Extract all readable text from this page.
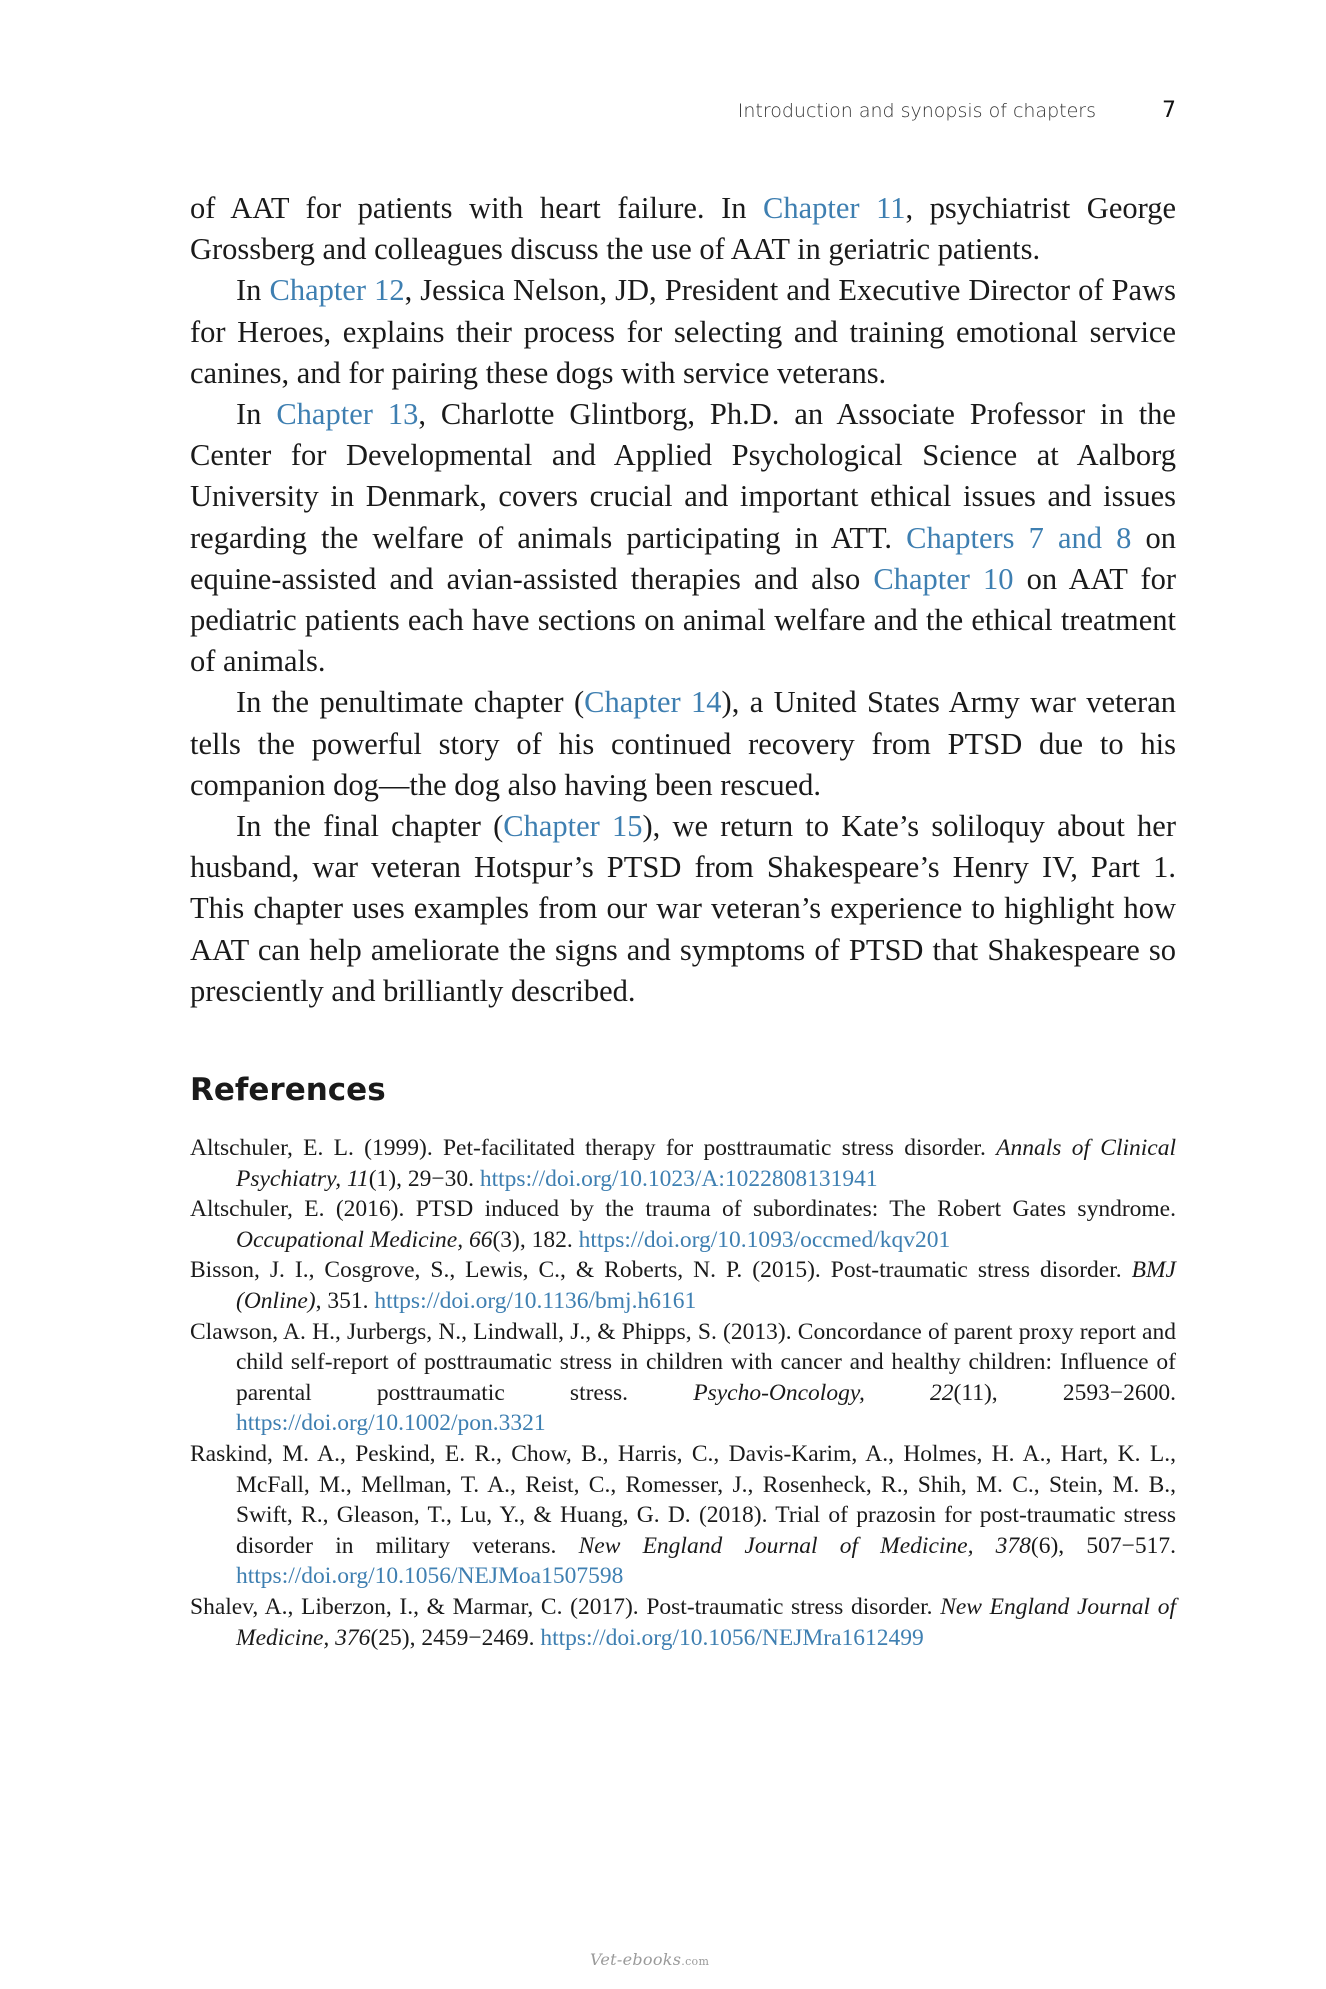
Introduction and synopsis of chapters	7

of AAT for patients with heart failure. In Chapter 11, psychiatrist George Grossberg and colleagues discuss the use of AAT in geriatric patients.

In Chapter 12, Jessica Nelson, JD, President and Executive Director of Paws for Heroes, explains their process for selecting and training emotional service canines, and for pairing these dogs with service veterans.

In Chapter 13, Charlotte Glintborg, Ph.D. an Associate Professor in the Center for Developmental and Applied Psychological Science at Aalborg University in Denmark, covers crucial and important ethical issues and issues regarding the welfare of animals participating in ATT. Chapters 7 and 8 on equine-assisted and avian-assisted therapies and also Chapter 10 on AAT for pediatric patients each have sections on animal welfare and the ethical treatment of animals.

In the penultimate chapter (Chapter 14), a United States Army war veteran tells the powerful story of his continued recovery from PTSD due to his companion dog—the dog also having been rescued.

In the final chapter (Chapter 15), we return to Kate’s soliloquy about her husband, war veteran Hotspur’s PTSD from Shakespeare’s Henry IV, Part 1. This chapter uses examples from our war veteran’s experience to highlight how AAT can help ameliorate the signs and symptoms of PTSD that Shakespeare so presciently and brilliantly described.

References
Altschuler, E. L. (1999). Pet-facilitated therapy for posttraumatic stress disorder. Annals of Clinical Psychiatry, 11(1), 29−30. https://doi.org/10.1023/A:1022808131941
Altschuler, E. (2016). PTSD induced by the trauma of subordinates: The Robert Gates syndrome. Occupational Medicine, 66(3), 182. https://doi.org/10.1093/occmed/kqv201
Bisson, J. I., Cosgrove, S., Lewis, C., & Roberts, N. P. (2015). Post-traumatic stress disorder. BMJ (Online), 351. https://doi.org/10.1136/bmj.h6161
Clawson, A. H., Jurbergs, N., Lindwall, J., & Phipps, S. (2013). Concordance of parent proxy report and child self-report of posttraumatic stress in children with cancer and healthy children: Influence of parental posttraumatic stress. Psycho-Oncology, 22(11), 2593−2600. https://doi.org/10.1002/pon.3321
Raskind, M. A., Peskind, E. R., Chow, B., Harris, C., Davis-Karim, A., Holmes, H. A., Hart, K. L., McFall, M., Mellman, T. A., Reist, C., Romesser, J., Rosenheck, R., Shih, M. C., Stein, M. B., Swift, R., Gleason, T., Lu, Y., & Huang, G. D. (2018). Trial of prazosin for post-traumatic stress disorder in military veterans. New England Journal of Medicine, 378(6), 507−517. https://doi.org/10.1056/NEJMoa1507598
Shalev, A., Liberzon, I., & Marmar, C. (2017). Post-traumatic stress disorder. New England Journal of Medicine, 376(25), 2459−2469. https://doi.org/10.1056/NEJMra1612499
Vet-ebooks.com
